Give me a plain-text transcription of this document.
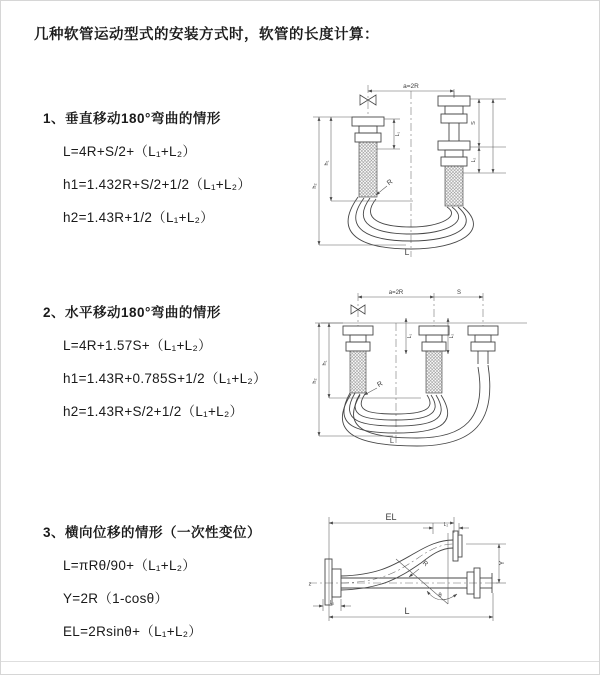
几种软管运动型式的安装方式时，软管的长度计算：
1、垂直移动180°弯曲的情形
L=4R+S/2+（L₁+L₂）
h1=1.432R+S/2+1/2（L₁+L₂）
h2=1.43R+1/2（L₁+L₂）
2、水平移动180°弯曲的情形
L=4R+1.57S+（L₁+L₂）
h1=1.43R+0.785S+1/2（L₁+L₂）
h2=1.43R+S/2+1/2（L₁+L₂）
3、横向位移的情形（一次性变位）
L=πRθ/90+（L₁+L₂）
Y=2R（1-cosθ）
EL=2Rsinθ+（L₁+L₂）
a=2R
h₂
h₁
L₁
S
L₂
R
L
a=2R	S
L₁	L₂
h₂
h₁
R
L
EL
L₂
z
Y
θ
R
L₁
L
